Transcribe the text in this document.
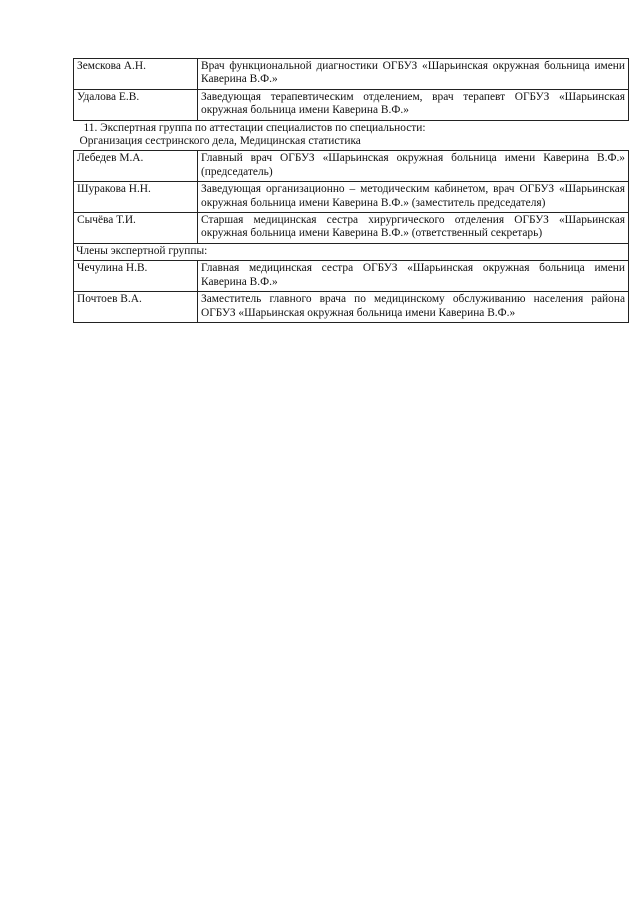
Земскова А.Н.	Врач функциональной диагностики ОГБУЗ «Шарьинская окружная больница имени Каверина В.Ф.»
Удалова Е.В.	Заведующая терапевтическим отделением, врач терапевт ОГБУЗ «Шарьинская окружная больница имени Каверина В.Ф.»

11. Экспертная группа по аттестации специалистов по специальности:
Организация сестринского дела, Медицинская статистика	

Лебедев М.А.	Главный врач ОГБУЗ «Шарьинская окружная больница имени Каверина В.Ф.» (председатель)
Шуракова Н.Н.	Заведующая организационно – методическим кабинетом, врач ОГБУЗ «Шарьинская окружная больница имени Каверина В.Ф.» (заместитель председателя)
Сычёва Т.И.	Старшая медицинская сестра хирургического отделения ОГБУЗ «Шарьинская окружная больница имени Каверина В.Ф.» (ответственный секретарь)
Члены экспертной группы:	
Чечулина Н.В.	Главная медицинская сестра ОГБУЗ «Шарьинская окружная больница имени Каверина В.Ф.»
Почтоев В.А.	Заместитель главного врача по медицинскому обслуживанию населения района ОГБУЗ «Шарьинская окружная больница имени Каверина В.Ф.»
